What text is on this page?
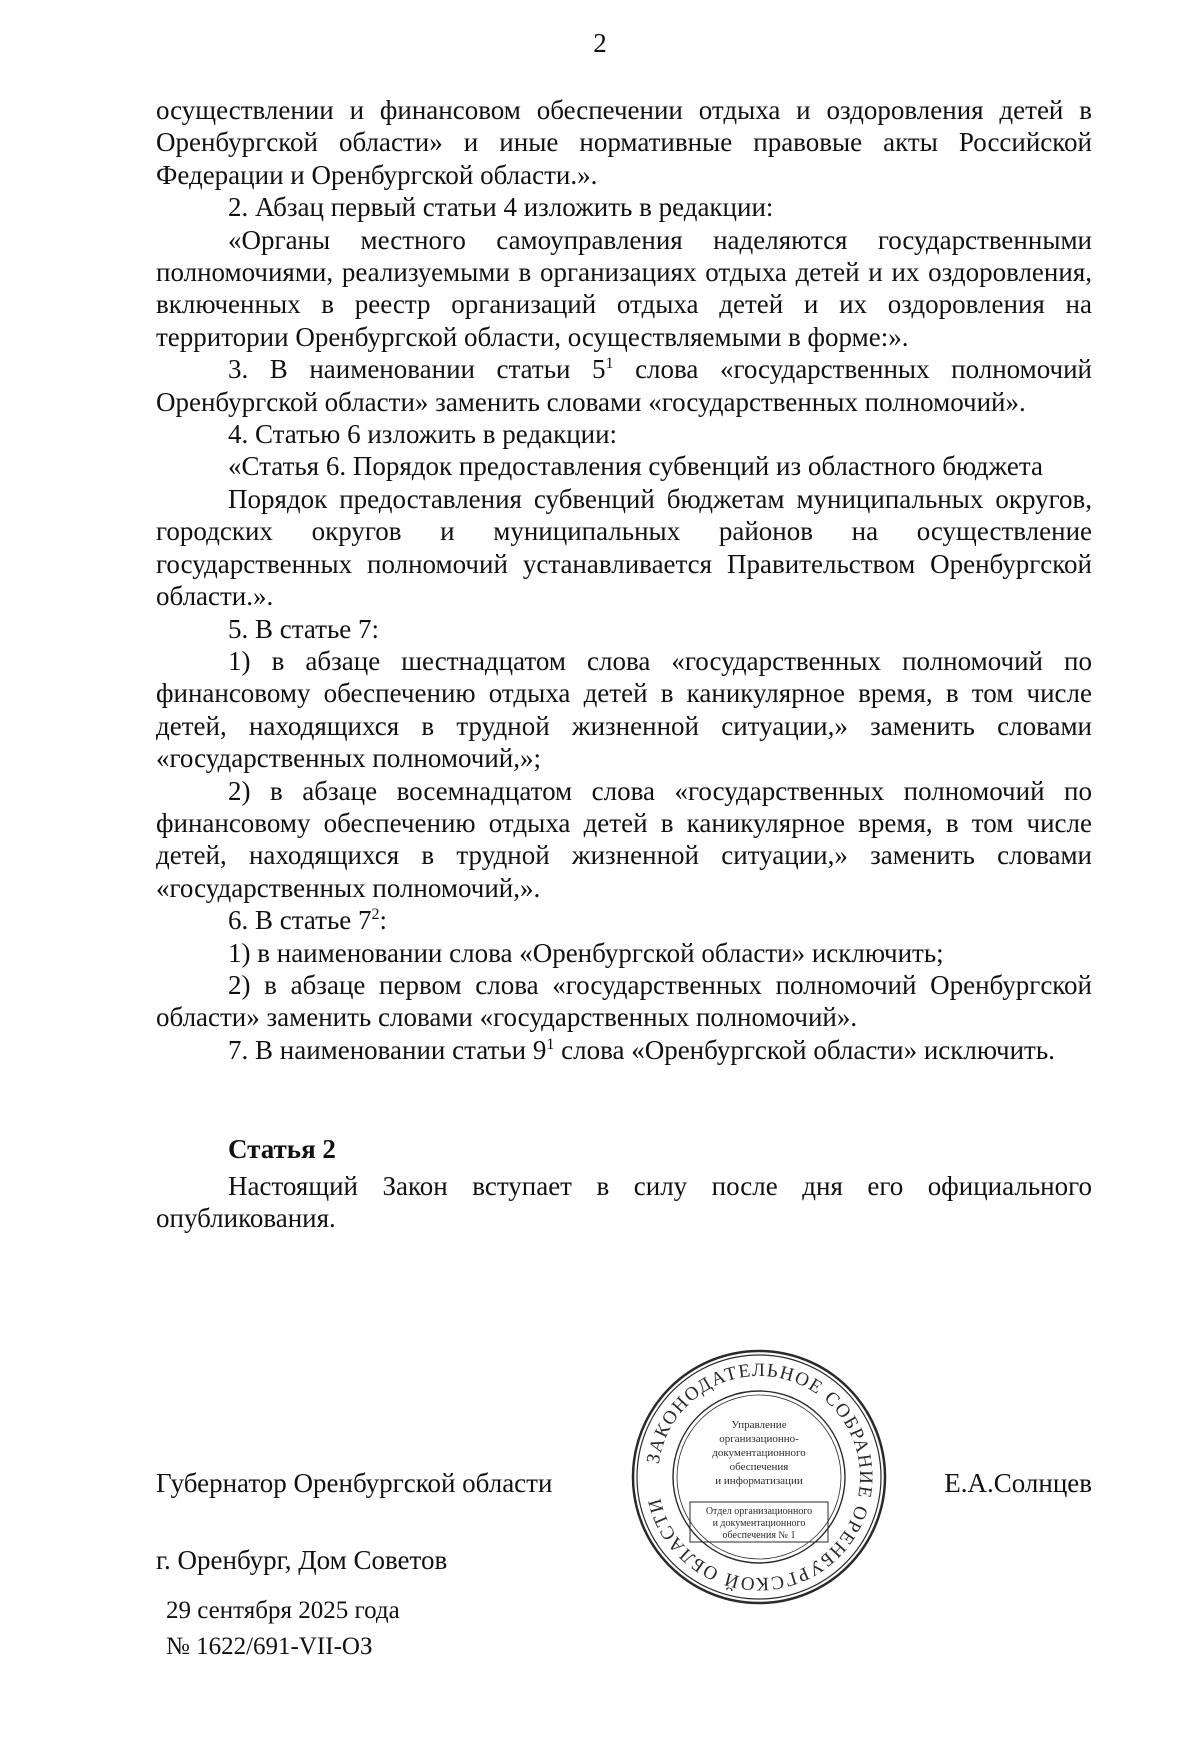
2

осуществлении и финансовом обеспечении отдыха и оздоровления детей в Оренбургской области» и иные нормативные правовые акты Российской Федерации и Оренбургской области.».

2. Абзац первый статьи 4 изложить в редакции:

«Органы местного самоуправления наделяются государственными полномочиями, реализуемыми в организациях отдыха детей и их оздоровления, включенных в реестр организаций отдыха детей и их оздоровления на территории Оренбургской области, осуществляемыми в форме:».

3. В наименовании статьи $5^1$ слова «государственных полномочий Оренбургской области» заменить словами «государственных полномочий».

4. Статью 6 изложить в редакции:

«Статья 6. Порядок предоставления субвенций из областного бюджета

Порядок предоставления субвенций бюджетам муниципальных округов, городских округов и муниципальных районов на осуществление государственных полномочий устанавливается Правительством Оренбургской области.».

5. В статье 7:

1) в абзаце шестнадцатом слова «государственных полномочий по финансовому обеспечению отдыха детей в каникулярное время, в том числе детей, находящихся в трудной жизненной ситуации,» заменить словами «государственных полномочий,»;

2) в абзаце восемнадцатом слова «государственных полномочий по финансовому обеспечению отдыха детей в каникулярное время, в том числе детей, находящихся в трудной жизненной ситуации,» заменить словами «государственных полномочий,».

6. В статье $7^2$:

1) в наименовании слова «Оренбургской области» исключить;

2) в абзаце первом слова «государственных полномочий Оренбургской области» заменить словами «государственных полномочий».

7. В наименовании статьи $9^1$ слова «Оренбургской области» исключить.

Статья 2

Настоящий Закон вступает в силу после дня его официального опубликования.

Губернатор Оренбургской области	Е.А.Солнцев
г. Оренбург, Дом Советов
29 сентября 2025 года
№ 1622/691-VII-ОЗ
ЗАКОНОДАТЕЛЬНОЕ СОБРАНИЕ ОРЕНБУРГСКОЙ ОБЛАСТИ
Управление
организационно-
документационного
обеспечения
и информатизации
Отдел организационного
и документационного
обеспечения № 1
